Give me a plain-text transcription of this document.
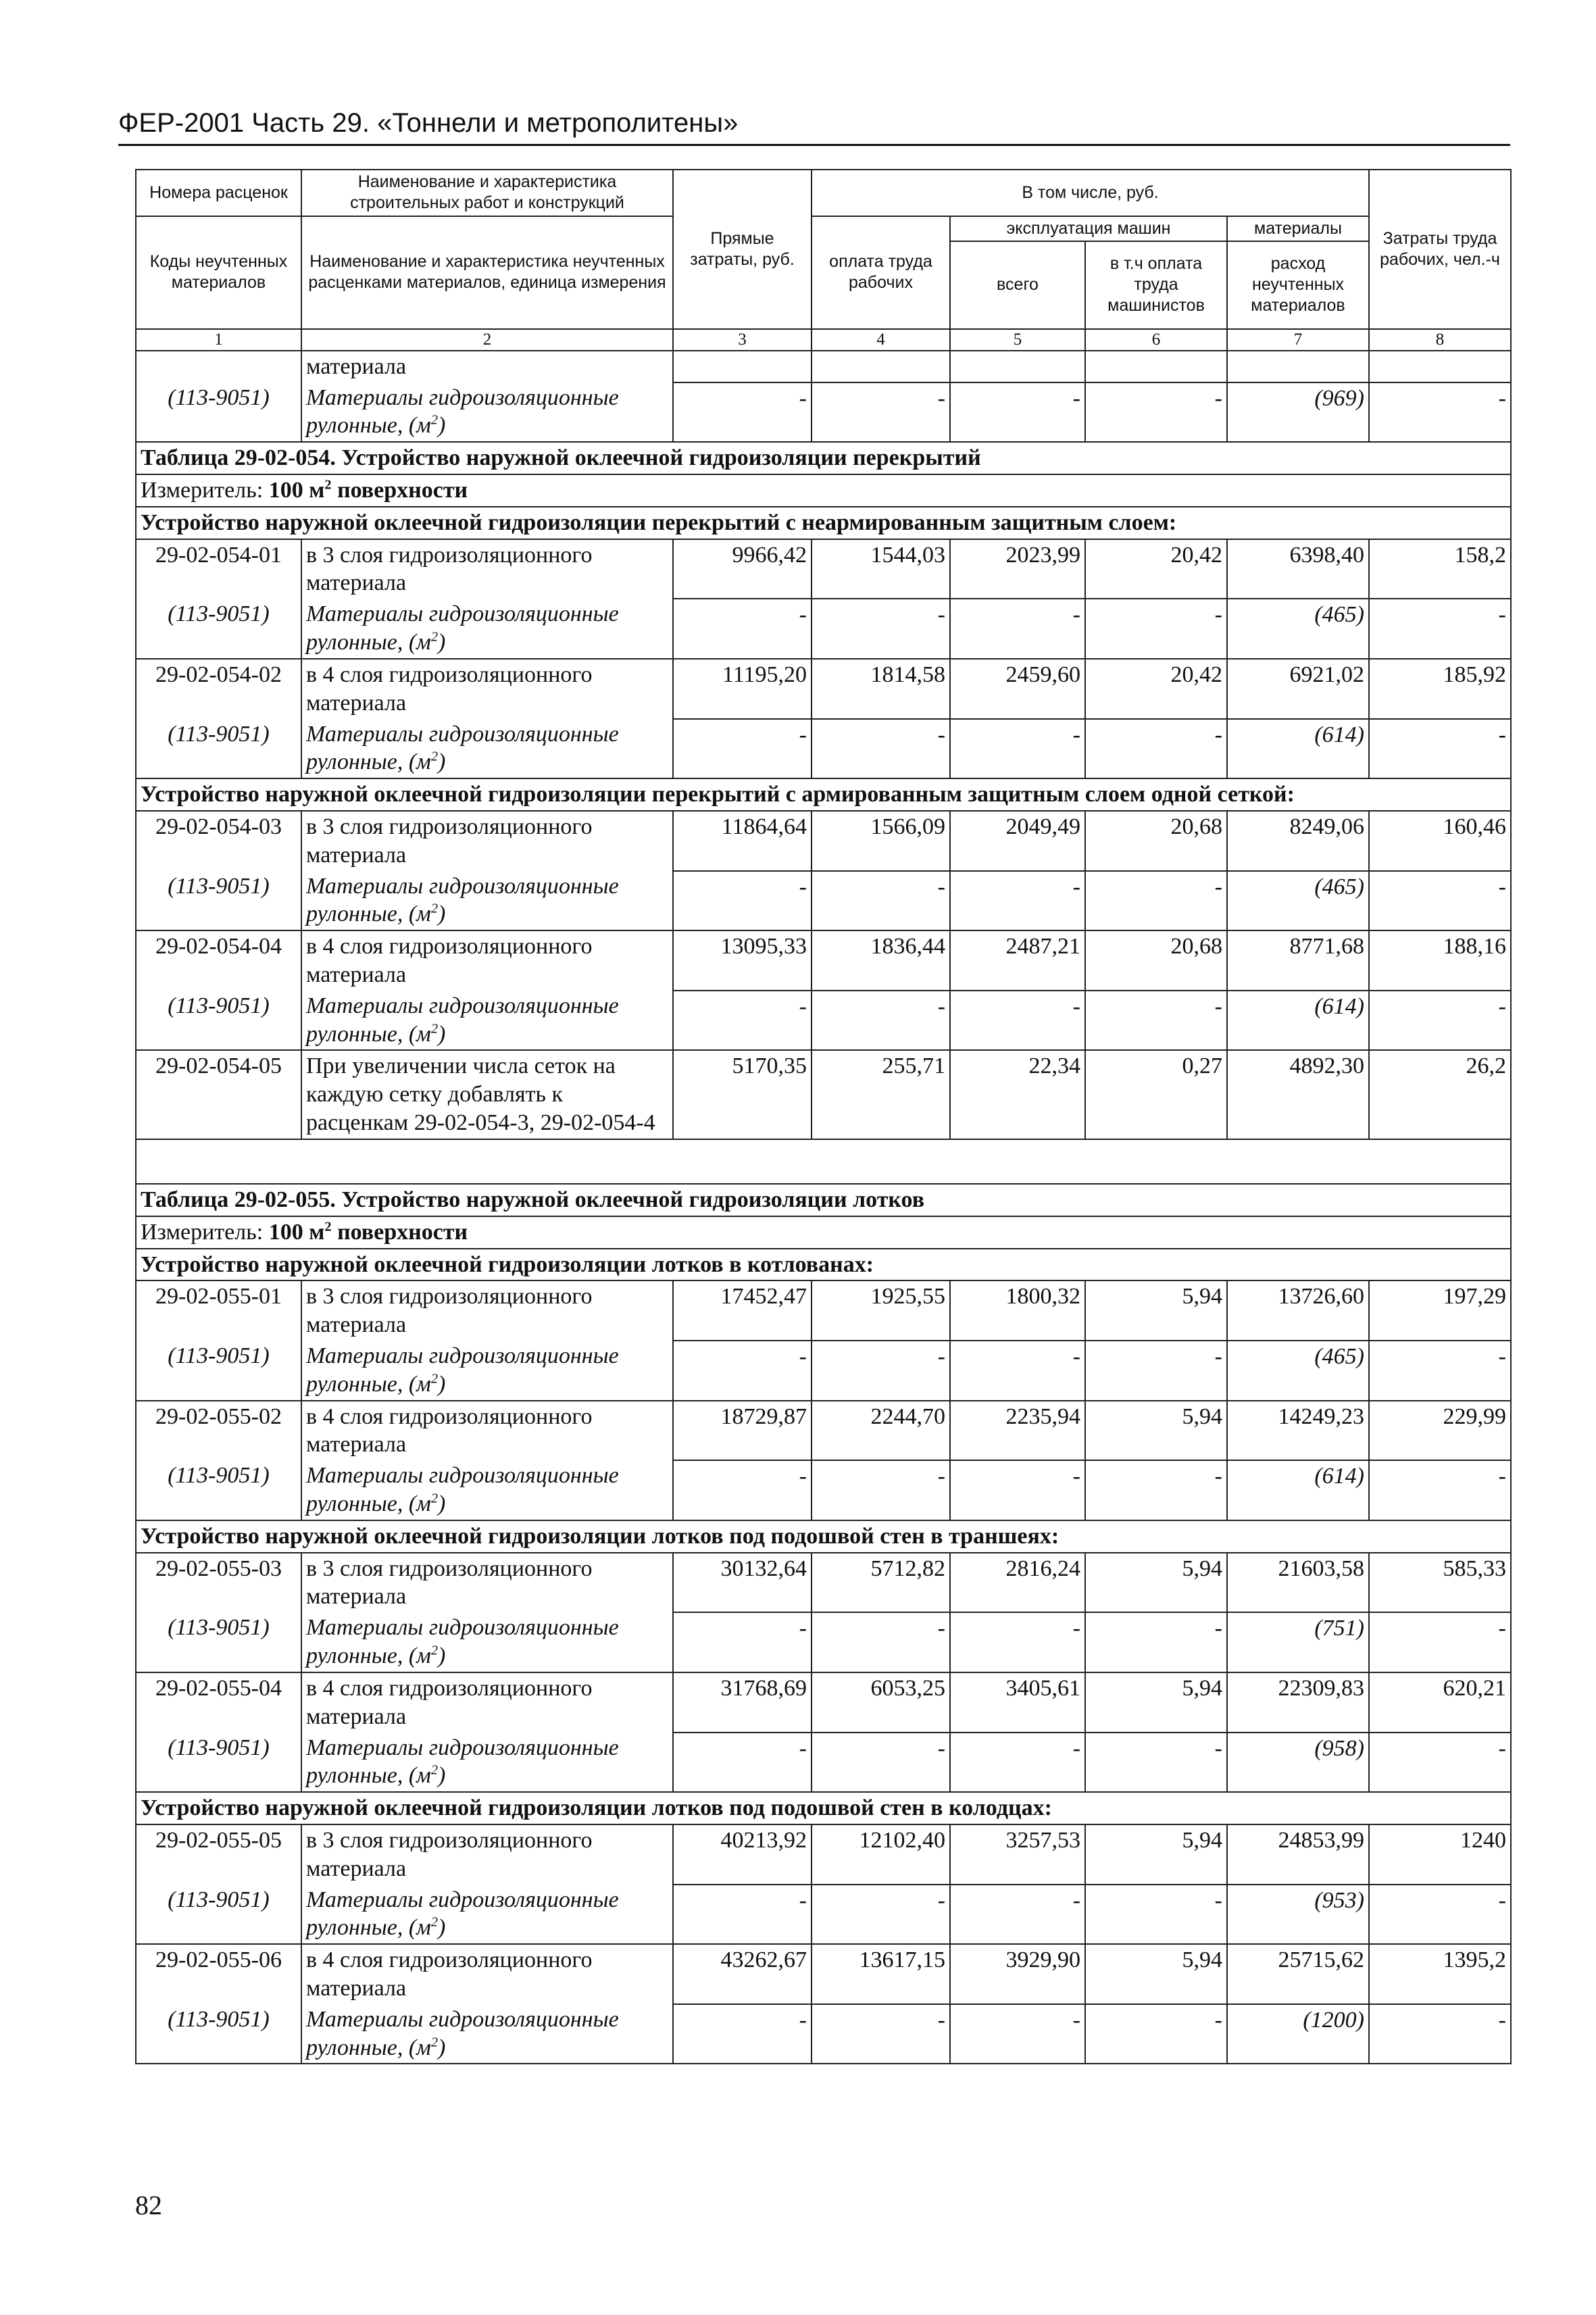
ФЕР-2001 Часть 29. «Тоннели и метрополитены»
Номера расценок	Наименование и характеристика строительных работ и конструкций	Прямые затраты, руб.	В том числе, руб.				Затраты труда рабочих, чел.-ч
Коды неучтенных материалов	Наименование и характеристика неучтенных расценками материалов, единица измерения		оплата труда рабочих	эксплуатация машин		материалы	
				всего	в т.ч оплата труда машинистов	расход неучтенных материалов	
1	2	3	4	5	6	7	8
	материала						
(113-9051)	Материалы гидроизоляционные рулонные, $(м^2)$	-	-	-	-	(969)	-
Таблица 29-02-054. Устройство наружной оклеечной гидроизоляции перекрытий							
Измеритель: 100 $м^2$ поверхности							
Устройство наружной оклеечной гидроизоляции перекрытий с неармированным защитным слоем:							
29-02-054-01	в 3 слоя гидроизоляционного материала	9966,42	1544,03	2023,99	20,42	6398,40	158,2
(113-9051)	Материалы гидроизоляционные рулонные, $(м^2)$	-	-	-	-	(465)	-
29-02-054-02	в 4 слоя гидроизоляционного материала	11195,20	1814,58	2459,60	20,42	6921,02	185,92
(113-9051)	Материалы гидроизоляционные рулонные, $(м^2)$	-	-	-	-	(614)	-
Устройство наружной оклеечной гидроизоляции перекрытий с армированным защитным слоем одной сеткой:							
29-02-054-03	в 3 слоя гидроизоляционного материала	11864,64	1566,09	2049,49	20,68	8249,06	160,46
(113-9051)	Материалы гидроизоляционные рулонные, $(м^2)$	-	-	-	-	(465)	-
29-02-054-04	в 4 слоя гидроизоляционного материала	13095,33	1836,44	2487,21	20,68	8771,68	188,16
(113-9051)	Материалы гидроизоляционные рулонные, $(м^2)$	-	-	-	-	(614)	-
29-02-054-05	При увеличении числа сеток на каждую сетку добавлять к расценкам 29-02-054-3, 29-02-054-4	5170,35	255,71	22,34	0,27	4892,30	26,2

Таблица 29-02-055. Устройство наружной оклеечной гидроизоляции лотков							
Измеритель: 100 $м^2$ поверхности							
Устройство наружной оклеечной гидроизоляции лотков в котлованах:							
29-02-055-01	в 3 слоя гидроизоляционного материала	17452,47	1925,55	1800,32	5,94	13726,60	197,29
(113-9051)	Материалы гидроизоляционные рулонные, $(м^2)$	-	-	-	-	(465)	-
29-02-055-02	в 4 слоя гидроизоляционного материала	18729,87	2244,70	2235,94	5,94	14249,23	229,99
(113-9051)	Материалы гидроизоляционные рулонные, $(м^2)$	-	-	-	-	(614)	-
Устройство наружной оклеечной гидроизоляции лотков под подошвой стен в траншеях:							
29-02-055-03	в 3 слоя гидроизоляционного материала	30132,64	5712,82	2816,24	5,94	21603,58	585,33
(113-9051)	Материалы гидроизоляционные рулонные, $(м^2)$	-	-	-	-	(751)	-
29-02-055-04	в 4 слоя гидроизоляционного материала	31768,69	6053,25	3405,61	5,94	22309,83	620,21
(113-9051)	Материалы гидроизоляционные рулонные, $(м^2)$	-	-	-	-	(958)	-
Устройство наружной оклеечной гидроизоляции лотков под подошвой стен в колодцах:							
29-02-055-05	в 3 слоя гидроизоляционного материала	40213,92	12102,40	3257,53	5,94	24853,99	1240
(113-9051)	Материалы гидроизоляционные рулонные, $(м^2)$	-	-	-	-	(953)	-
29-02-055-06	в 4 слоя гидроизоляционного материала	43262,67	13617,15	3929,90	5,94	25715,62	1395,2
(113-9051)	Материалы гидроизоляционные рулонные, $(м^2)$	-	-	-	-	(1200)	-
82
